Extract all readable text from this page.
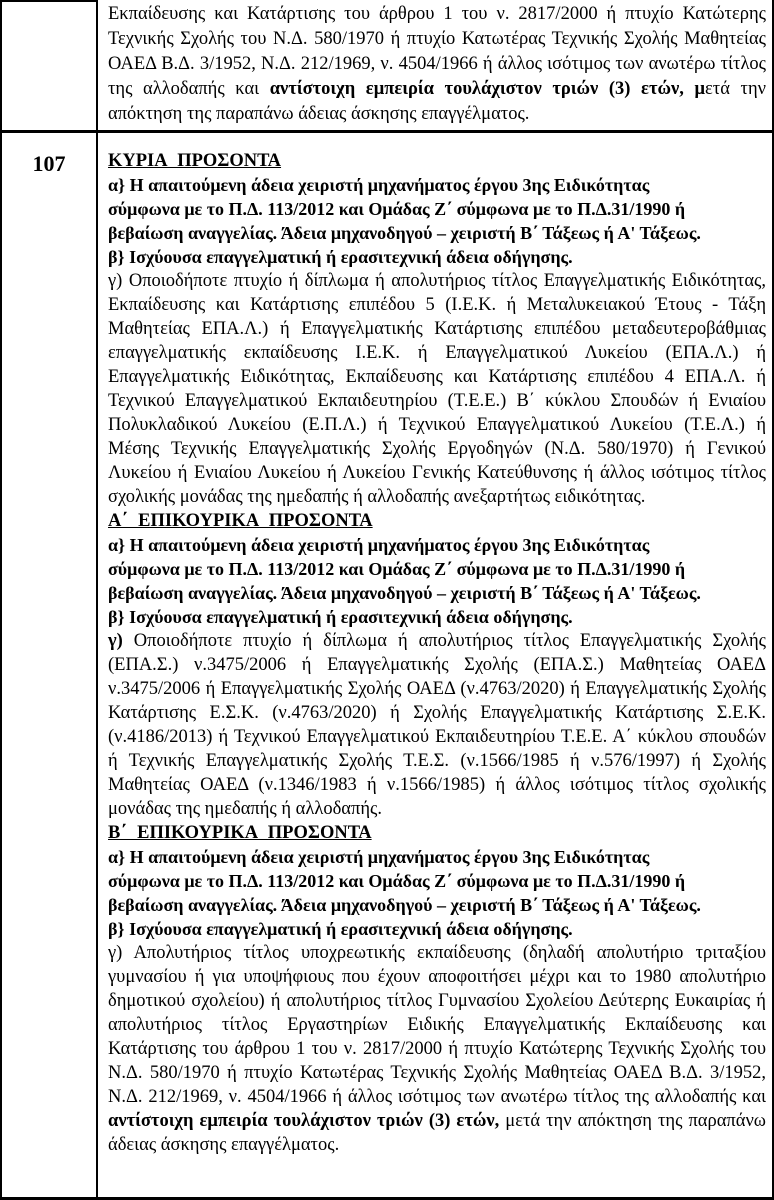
Εκπαίδευσης και Κατάρτισης του άρθρου 1 του ν. 2817/2000 ή πτυχίο Κατώτερης Τεχνικής Σχολής του Ν.Δ. 580/1970 ή πτυχίο Κατωτέρας Τεχνικής Σχολής Μαθητείας ΟΑΕΔ Β.Δ. 3/1952, Ν.Δ. 212/1969, ν. 4504/1966 ή άλλος ισότιμος των ανωτέρω τίτλος της αλλοδαπής και αντίστοιχη εμπειρία τουλάχιστον τριών (3) ετών, μετά την απόκτηση της παραπάνω άδειας άσκησης επαγγέλματος.

107	ΚΥΡΙΑ ΠΡΟΣΟΝΤΑ
α} Η απαιτούμενη άδεια χειριστή μηχανήματος έργου 3ης Ειδικότητας
σύμφωνα με το Π.Δ. 113/2012 και Ομάδας Ζ΄ σύμφωνα με το Π.Δ.31/1990 ή
βεβαίωση αναγγελίας. Άδεια μηχανοδηγού – χειριστή Β΄ Τάξεως ή Α' Τάξεως.
β} Ισχύουσα επαγγελματική ή ερασιτεχνική άδεια οδήγησης.

γ) Οποιοδήποτε πτυχίο ή δίπλωμα ή απολυτήριος τίτλος Επαγγελματικής Ειδικότητας, Εκπαίδευσης και Κατάρτισης επιπέδου 5 (Ι.Ε.Κ. ή Μεταλυκειακού Έτους - Τάξη Μαθητείας ΕΠΑ.Λ.) ή Επαγγελματικής Κατάρτισης επιπέδου μεταδευτεροβάθμιας επαγγελματικής εκπαίδευσης Ι.Ε.Κ. ή Επαγγελματικού Λυκείου (ΕΠΑ.Λ.) ή Επαγγελματικής Ειδικότητας, Εκπαίδευσης και Κατάρτισης επιπέδου 4 ΕΠΑ.Λ. ή Τεχνικού Επαγγελματικού Εκπαιδευτηρίου (Τ.Ε.Ε.) Β΄ κύκλου Σπουδών ή Ενιαίου Πολυκλαδικού Λυκείου (Ε.Π.Λ.) ή Τεχνικού Επαγγελματικού Λυκείου (Τ.Ε.Λ.) ή Μέσης Τεχνικής Επαγγελματικής Σχολής Εργοδηγών (Ν.Δ. 580/1970) ή Γενικού Λυκείου ή Ενιαίου Λυκείου ή Λυκείου Γενικής Κατεύθυνσης ή άλλος ισότιμος τίτλος σχολικής μονάδας της ημεδαπής ή αλλοδαπής ανεξαρτήτως ειδικότητας.

Α΄ ΕΠΙΚΟΥΡΙΚΑ ΠΡΟΣΟΝΤΑ
α} Η απαιτούμενη άδεια χειριστή μηχανήματος έργου 3ης Ειδικότητας
σύμφωνα με το Π.Δ. 113/2012 και Ομάδας Ζ΄ σύμφωνα με το Π.Δ.31/1990 ή
βεβαίωση αναγγελίας. Άδεια μηχανοδηγού – χειριστή Β΄ Τάξεως ή Α' Τάξεως.
β} Ισχύουσα επαγγελματική ή ερασιτεχνική άδεια οδήγησης.

γ) Οποιοδήποτε πτυχίο ή δίπλωμα ή απολυτήριος τίτλος Επαγγελματικής Σχολής (ΕΠΑ.Σ.) ν.3475/2006 ή Επαγγελματικής Σχολής (ΕΠΑ.Σ.) Μαθητείας ΟΑΕΔ ν.3475/2006 ή Επαγγελματικής Σχολής ΟΑΕΔ (ν.4763/2020) ή Επαγγελματικής Σχολής Κατάρτισης Ε.Σ.Κ. (ν.4763/2020) ή Σχολής Επαγγελματικής Κατάρτισης Σ.Ε.Κ. (ν.4186/2013) ή Τεχνικού Επαγγελματικού Εκπαιδευτηρίου Τ.Ε.Ε. Α΄ κύκλου σπουδών ή Τεχνικής Επαγγελματικής Σχολής Τ.Ε.Σ. (ν.1566/1985 ή ν.576/1997) ή Σχολής Μαθητείας ΟΑΕΔ (ν.1346/1983 ή ν.1566/1985) ή άλλος ισότιμος τίτλος σχολικής μονάδας της ημεδαπής ή αλλοδαπής.

Β΄ ΕΠΙΚΟΥΡΙΚΑ ΠΡΟΣΟΝΤΑ
α} Η απαιτούμενη άδεια χειριστή μηχανήματος έργου 3ης Ειδικότητας
σύμφωνα με το Π.Δ. 113/2012 και Ομάδας Ζ΄ σύμφωνα με το Π.Δ.31/1990 ή
βεβαίωση αναγγελίας. Άδεια μηχανοδηγού – χειριστή Β΄ Τάξεως ή Α' Τάξεως.
β} Ισχύουσα επαγγελματική ή ερασιτεχνική άδεια οδήγησης.

γ) Απολυτήριος τίτλος υποχρεωτικής εκπαίδευσης (δηλαδή απολυτήριο τριταξίου γυμνασίου ή για υποψήφιους που έχουν αποφοιτήσει μέχρι και το 1980 απολυτήριο δημοτικού σχολείου) ή απολυτήριος τίτλος Γυμνασίου Σχολείου Δεύτερης Ευκαιρίας ή απολυτήριος τίτλος Εργαστηρίων Ειδικής Επαγγελματικής Εκπαίδευσης και Κατάρτισης του άρθρου 1 του ν. 2817/2000 ή πτυχίο Κατώτερης Τεχνικής Σχολής του Ν.Δ. 580/1970 ή πτυχίο Κατωτέρας Τεχνικής Σχολής Μαθητείας ΟΑΕΔ Β.Δ. 3/1952, Ν.Δ. 212/1969, ν. 4504/1966 ή άλλος ισότιμος των ανωτέρω τίτλος της αλλοδαπής και αντίστοιχη εμπειρία τουλάχιστον τριών (3) ετών, μετά την απόκτηση της παραπάνω άδειας άσκησης επαγγέλματος.
